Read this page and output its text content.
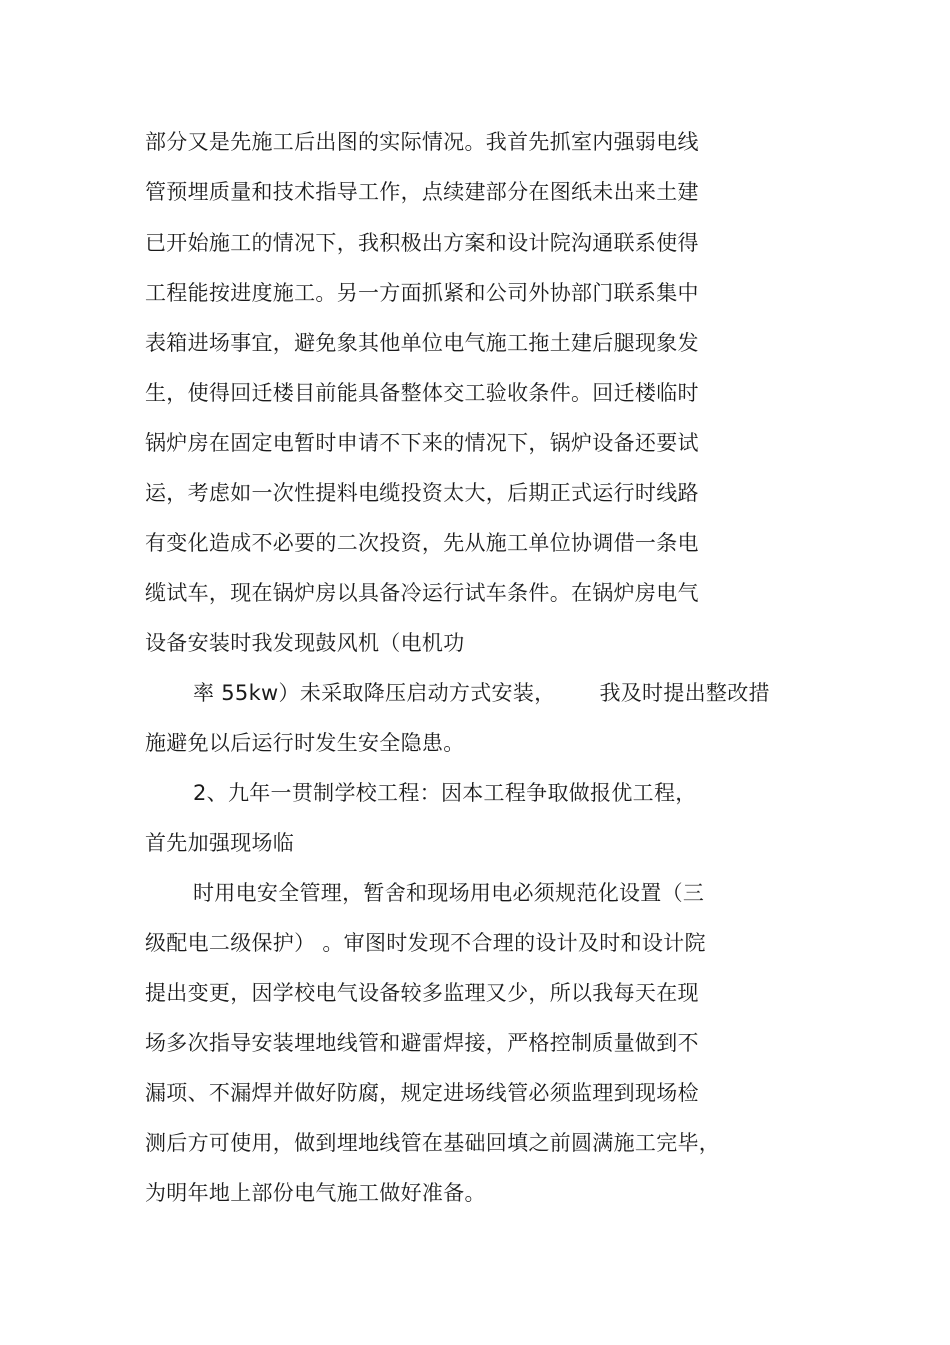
部分又是先施工后出图的实际情况。我首先抓室内强弱电线
管预埋质量和技术指导工作，点续建部分在图纸未出来土建
已开始施工的情况下，我积极出方案和设计院沟通联系使得
工程能按进度施工。另一方面抓紧和公司外协部门联系集中
表箱进场事宜，避免象其他单位电气施工拖土建后腿现象发
生，使得回迁楼目前能具备整体交工验收条件。回迁楼临时
锅炉房在固定电暂时申请不下来的情况下，锅炉设备还要试
运，考虑如一次性提料电缆投资太大，后期正式运行时线路
有变化造成不必要的二次投资，先从施工单位协调借一条电
缆试车，现在锅炉房以具备冷运行试车条件。在锅炉房电气
设备安装时我发现鼓风机（电机功
率 55kw）未采取降压启动方式安装， 我及时提出整改措
施避免以后运行时发生安全隐患。
2、九年一贯制学校工程：因本工程争取做报优工程，
首先加强现场临
时用电安全管理，暂舍和现场用电必须规范化设置（三
级配电二级保护） 。审图时发现不合理的设计及时和设计院
提出变更，因学校电气设备较多监理又少，所以我每天在现
场多次指导安装埋地线管和避雷焊接，严格控制质量做到不
漏项、不漏焊并做好防腐，规定进场线管必须监理到现场检
测后方可使用，做到埋地线管在基础回填之前圆满施工完毕，
为明年地上部份电气施工做好准备。
